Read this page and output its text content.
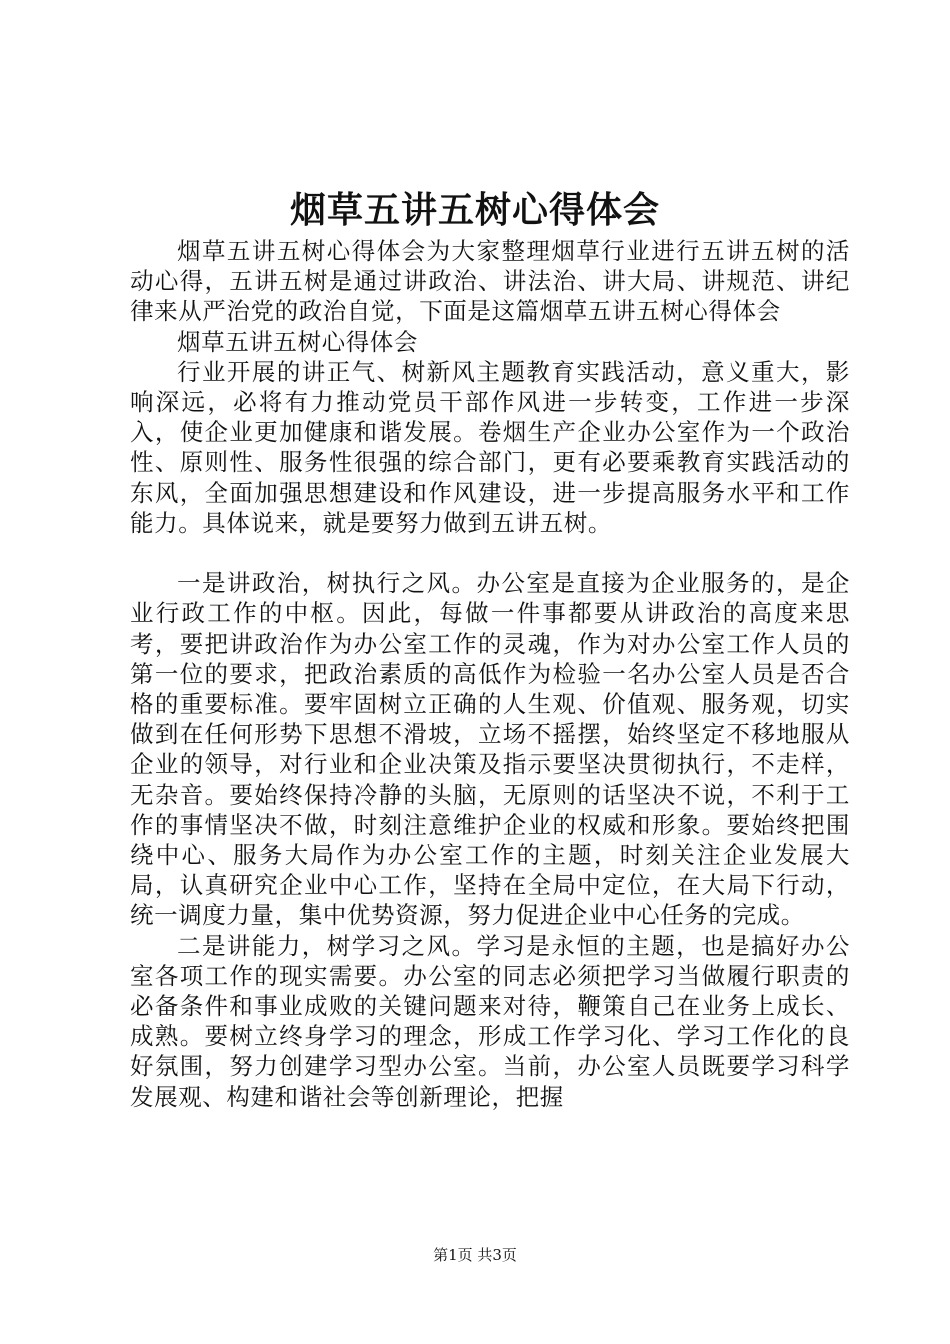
烟草五讲五树心得体会

烟草五讲五树心得体会为大家整理烟草行业进行五讲五树的活动心得，五讲五树是通过讲政治、讲法治、讲大局、讲规范、讲纪律来从严治党的政治自觉，下面是这篇烟草五讲五树心得体会

烟草五讲五树心得体会

行业开展的讲正气、树新风主题教育实践活动，意义重大，影响深远，必将有力推动党员干部作风进一步转变，工作进一步深入，使企业更加健康和谐发展。卷烟生产企业办公室作为一个政治性、原则性、服务性很强的综合部门，更有必要乘教育实践活动的东风，全面加强思想建设和作风建设，进一步提高服务水平和工作能力。具体说来，就是要努力做到五讲五树。

一是讲政治，树执行之风。办公室是直接为企业服务的，是企业行政工作的中枢。因此，每做一件事都要从讲政治的高度来思考，要把讲政治作为办公室工作的灵魂，作为对办公室工作人员的第一位的要求，把政治素质的高低作为检验一名办公室人员是否合格的重要标准。要牢固树立正确的人生观、价值观、服务观，切实做到在任何形势下思想不滑坡，立场不摇摆，始终坚定不移地服从企业的领导，对行业和企业决策及指示要坚决贯彻执行，不走样，无杂音。要始终保持冷静的头脑，无原则的话坚决不说，不利于工作的事情坚决不做，时刻注意维护企业的权威和形象。要始终把围绕中心、服务大局作为办公室工作的主题，时刻关注企业发展大局，认真研究企业中心工作，坚持在全局中定位，在大局下行动，统一调度力量，集中优势资源，努力促进企业中心任务的完成。

二是讲能力，树学习之风。学习是永恒的主题，也是搞好办公室各项工作的现实需要。办公室的同志必须把学习当做履行职责的必备条件和事业成败的关键问题来对待，鞭策自己在业务上成长、成熟。要树立终身学习的理念，形成工作学习化、学习工作化的良好氛围，努力创建学习型办公室。当前，办公室人员既要学习科学发展观、构建和谐社会等创新理论，把握

第1页 共3页
